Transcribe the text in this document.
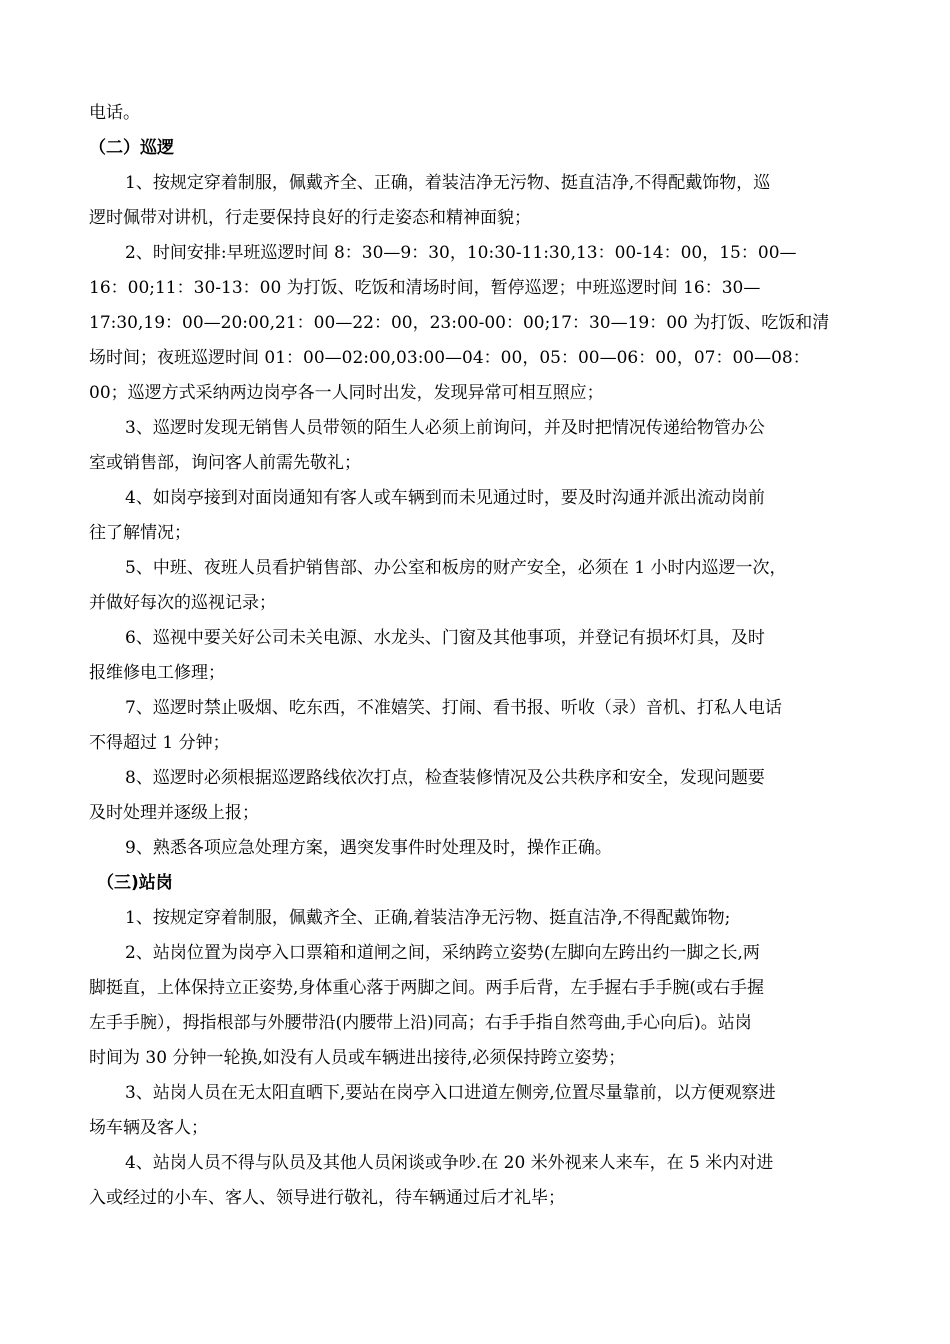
电话。
（二）巡逻
1、按规定穿着制服，佩戴齐全、正确，着装洁净无污物、挺直洁净,不得配戴饰物，巡
逻时佩带对讲机，行走要保持良好的行走姿态和精神面貌；
2、时间安排:早班巡逻时间 8：30—9：30，10:30-11:30,13：00-14：00，15：00—
16：00;11：30-13：00 为打饭、吃饭和清场时间，暂停巡逻；中班巡逻时间 16：30—
17:30,19：00—20:00,21：00—22：00，23:00-00：00;17：30—19：00 为打饭、吃饭和清
场时间；夜班巡逻时间 01：00—02:00,03:00—04：00，05：00—06：00，07：00—08：
00；巡逻方式采纳两边岗亭各一人同时出发，发现异常可相互照应；
3、巡逻时发现无销售人员带领的陌生人必须上前询问，并及时把情况传递给物管办公
室或销售部，询问客人前需先敬礼；
4、如岗亭接到对面岗通知有客人或车辆到而未见通过时，要及时沟通并派出流动岗前
往了解情况；
5、中班、夜班人员看护销售部、办公室和板房的财产安全，必须在 1 小时内巡逻一次，
并做好每次的巡视记录；
6、巡视中要关好公司未关电源、水龙头、门窗及其他事项，并登记有损坏灯具，及时
报维修电工修理；
7、巡逻时禁止吸烟、吃东西，不准嬉笑、打闹、看书报、听收（录）音机、打私人电话
不得超过 1 分钟；
8、巡逻时必须根据巡逻路线依次打点，检查装修情况及公共秩序和安全，发现问题要
及时处理并逐级上报；
9、熟悉各项应急处理方案，遇突发事件时处理及时，操作正确。
（三)站岗
1、按规定穿着制服，佩戴齐全、正确,着装洁净无污物、挺直洁净,不得配戴饰物;
2、站岗位置为岗亭入口票箱和道闸之间，采纳跨立姿势(左脚向左跨出约一脚之长,两
脚挺直，上体保持立正姿势,身体重心落于两脚之间。两手后背，左手握右手手腕(或右手握
左手手腕），拇指根部与外腰带沿(内腰带上沿)同高；右手手指自然弯曲,手心向后)。站岗
时间为 30 分钟一轮换,如没有人员或车辆进出接待,必须保持跨立姿势；
3、站岗人员在无太阳直晒下,要站在岗亭入口进道左侧旁,位置尽量靠前，以方便观察进
场车辆及客人；
4、站岗人员不得与队员及其他人员闲谈或争吵.在 20 米外视来人来车，在 5 米内对进
入或经过的小车、客人、领导进行敬礼，待车辆通过后才礼毕；
